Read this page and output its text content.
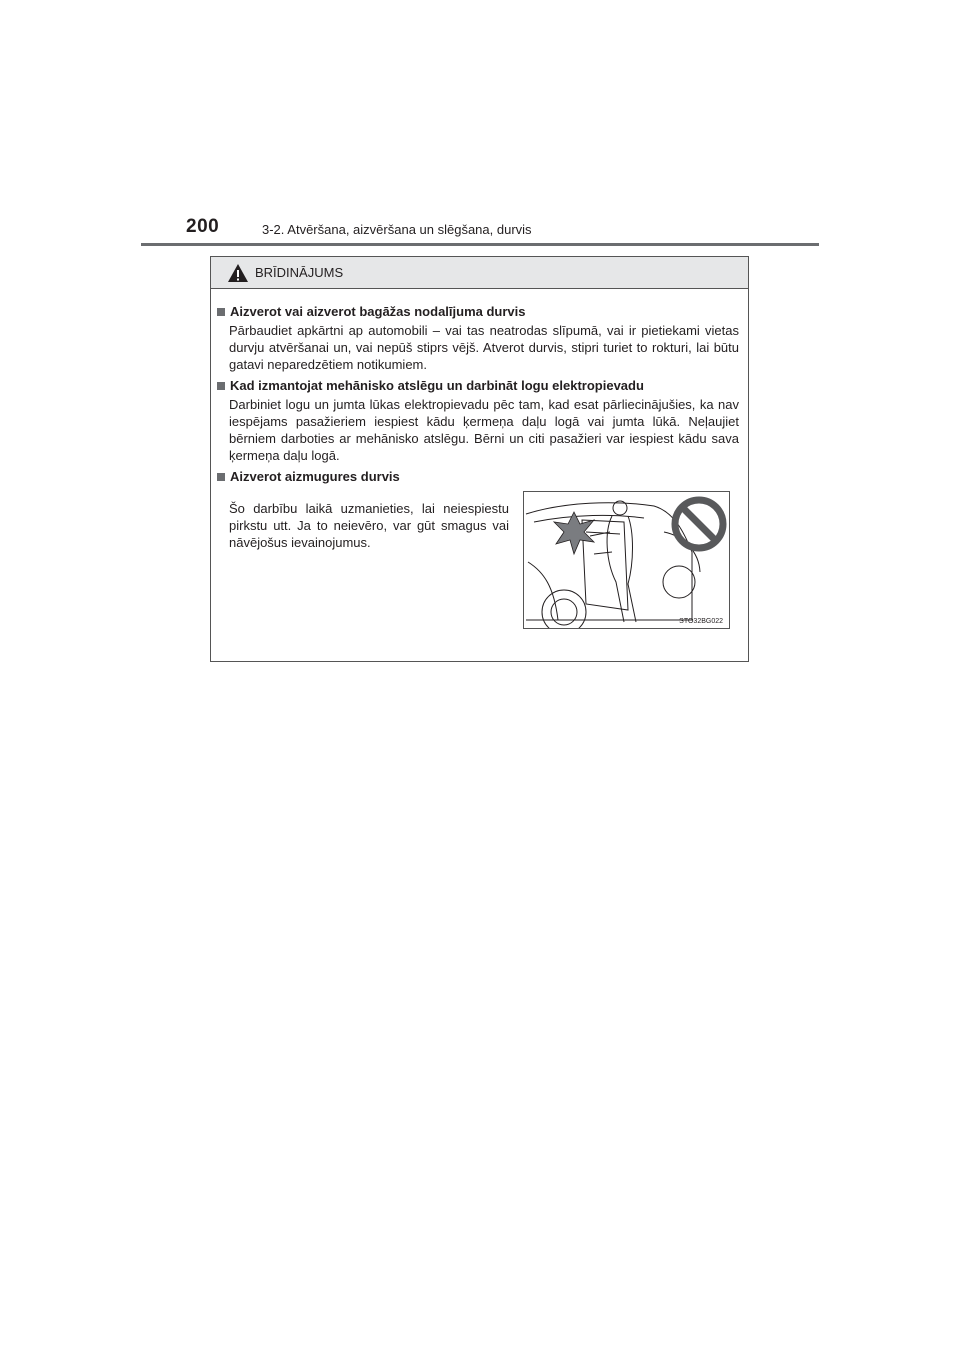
200	3-2. Atvēršana, aizvēršana un slēgšana, durvis
BRĪDINĀJUMS
Aizverot vai aizverot bagāžas nodalījuma durvis
Pārbaudiet apkārtni ap automobili – vai tas neatrodas slīpumā, vai ir pietiekami vietas durvju atvēršanai un, vai nepūš stiprs vējš. Atverot durvis, stipri turiet to rokturi, lai būtu gatavi neparedzētiem notikumiem.
Kad izmantojat mehānisko atslēgu un darbināt logu elektropievadu
Darbiniet logu un jumta lūkas elektropievadu pēc tam, kad esat pārliecinājušies, ka nav iespējams pasažieriem iespiest kādu ķermeņa daļu logā vai jumta lūkā. Neļaujiet bērniem darboties ar mehānisko atslēgu. Bērni un citi pasažieri var iespiest kādu sava ķermeņa daļu logā.
Aizverot aizmugures durvis
Šo darbību laikā uzmanieties, lai neiespiestu pirkstu utt. Ja to neievēro, var gūt smagus vai nāvējošus ievainojumus.
STO32BG022
